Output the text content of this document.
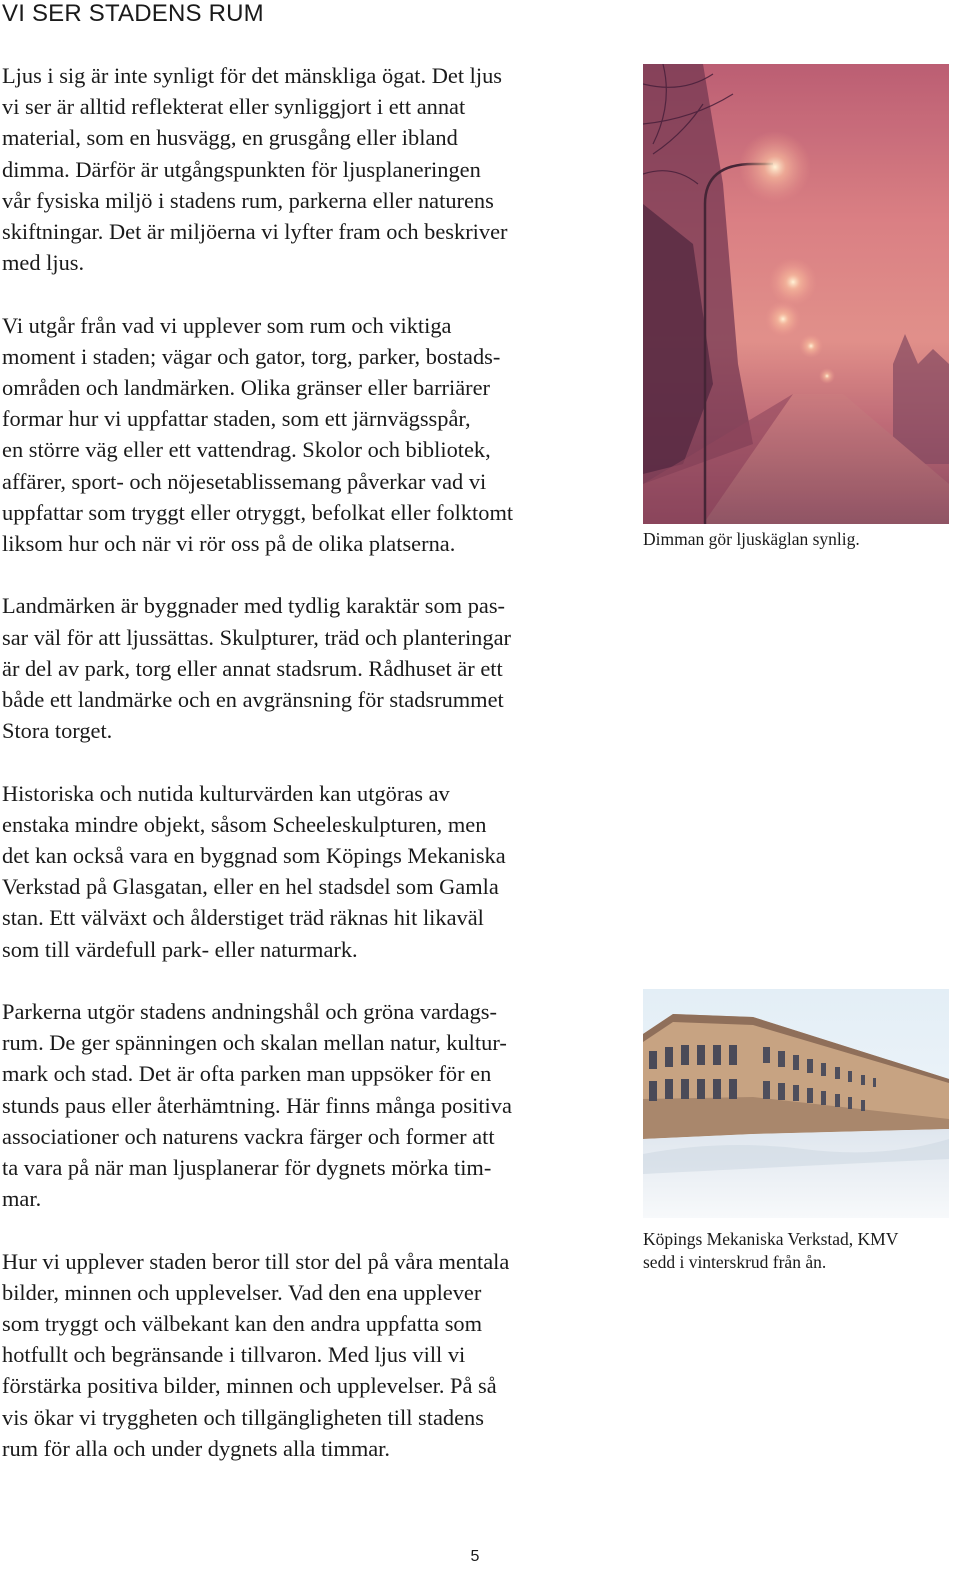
VI SER STADENS RUM

Ljus i sig är inte synligt för det mänskliga ögat. Det ljus
vi ser är alltid reflekterat eller synliggjort i ett annat
material, som en husvägg, en grusgång eller ibland
dimma. Därför är utgångspunkten för ljusplaneringen
vår fysiska miljö i stadens rum, parkerna eller naturens
skiftningar. Det är miljöerna vi lyfter fram och beskriver
med ljus.

Vi utgår från vad vi upplever som rum och viktiga
moment i staden; vägar och gator, torg, parker, bostads-
områden och landmärken. Olika gränser eller barriärer
formar hur vi uppfattar staden, som ett järnvägsspår,
en större väg eller ett vattendrag. Skolor och bibliotek,
affärer, sport- och nöjesetablissemang påverkar vad vi
uppfattar som tryggt eller otryggt, befolkat eller folktomt
liksom hur och när vi rör oss på de olika platserna.

Landmärken är byggnader med tydlig karaktär som pas-
sar väl för att ljussättas. Skulpturer, träd och planteringar
är del av park, torg eller annat stadsrum. Rådhuset är ett
både ett landmärke och en avgränsning för stadsrummet
Stora torget.

Historiska och nutida kulturvärden kan utgöras av
enstaka mindre objekt, såsom Scheeleskulpturen, men
det kan också vara en byggnad som Köpings Mekaniska
Verkstad på Glasgatan, eller en hel stadsdel som Gamla
stan. Ett välväxt och ålderstiget träd räknas hit likaväl
som till värdefull park- eller naturmark.

Parkerna utgör stadens andningshål och gröna vardags-
rum. De ger spänningen och skalan mellan natur, kultur-
mark och stad. Det är ofta parken man uppsöker för en
stunds paus eller återhämtning. Här finns många positiva
associationer och naturens vackra färger och former att
ta vara på när man ljusplanerar för dygnets mörka tim-
mar.

Hur vi upplever staden beror till stor del på våra mentala
bilder, minnen och upplevelser. Vad den ena upplever
som tryggt och välbekant kan den andra uppfatta som
hotfullt och begränsande i tillvaron. Med ljus vill vi
förstärka positiva bilder, minnen och upplevelser. På så
vis ökar vi tryggheten och tillgängligheten till stadens
rum för alla och under dygnets alla timmar.

Dimman gör ljuskäglan synlig.
Köpings Mekaniska Verkstad, KMV
sedd i vinterskrud från ån.
5
